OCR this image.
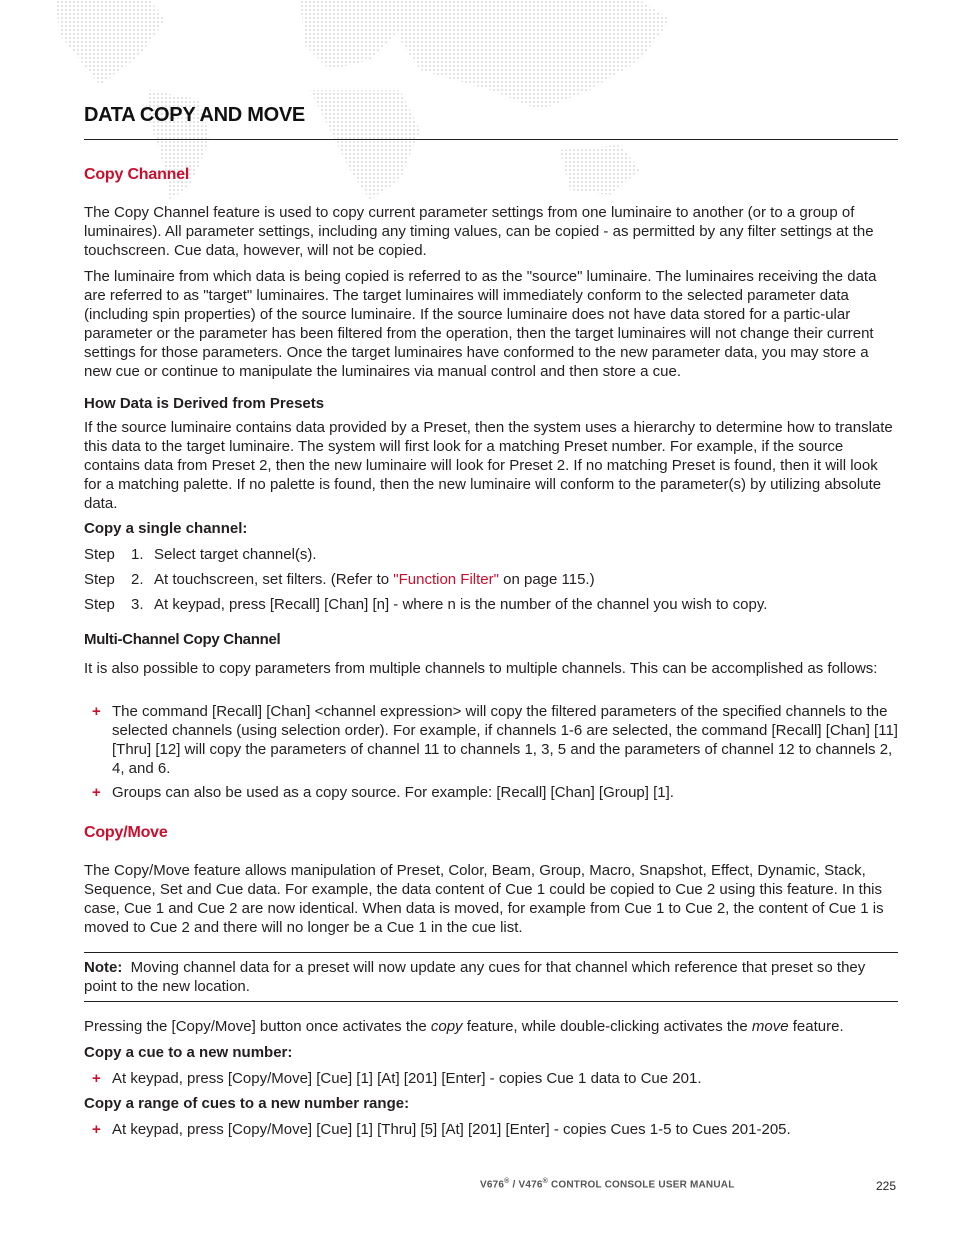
DATA COPY AND MOVE
Copy Channel

The Copy Channel feature is used to copy current parameter settings from one luminaire to another (or to a group of luminaires). All parameter settings, including any timing values, can be copied - as permitted by any filter settings at the touchscreen. Cue data, however, will not be copied.

The luminaire from which data is being copied is referred to as the "source" luminaire. The luminaires receiving the data are referred to as "target" luminaires. The target luminaires will immediately conform to the selected parameter data (including spin properties) of the source luminaire. If the source luminaire does not have data stored for a partic-ular parameter or the parameter has been filtered from the operation, then the target luminaires will not change their current settings for those parameters. Once the target luminaires have conformed to the new parameter data, you may store a new cue or continue to manipulate the luminaires via manual control and then store a cue.

How Data is Derived from Presets

If the source luminaire contains data provided by a Preset, then the system uses a hierarchy to determine how to translate this data to the target luminaire. The system will first look for a matching Preset number. For example, if the source contains data from Preset 2, then the new luminaire will look for Preset 2. If no matching Preset is found, then it will look for a matching palette. If no palette is found, then the new luminaire will conform to the parameter(s) by utilizing absolute data.

Copy a single channel:
Step 1. Select target channel(s).
Step 2. At touchscreen, set filters. (Refer to "Function Filter" on page 115.)
Step 3. At keypad, press [Recall] [Chan] [n] - where n is the number of the channel you wish to copy.
Multi-Channel Copy Channel

It is also possible to copy parameters from multiple channels to multiple channels. This can be accomplished as follows:

+ The command [Recall] [Chan] <channel expression> will copy the filtered parameters of the specified channels to the selected channels (using selection order). For example, if channels 1-6 are selected, the command [Recall] [Chan] [11] [Thru] [12] will copy the parameters of channel 11 to channels 1, 3, 5 and the parameters of channel 12 to channels 2, 4, and 6.
+ Groups can also be used as a copy source. For example: [Recall] [Chan] [Group] [1].
Copy/Move

The Copy/Move feature allows manipulation of Preset, Color, Beam, Group, Macro, Snapshot, Effect, Dynamic, Stack, Sequence, Set and Cue data. For example, the data content of Cue 1 could be copied to Cue 2 using this feature. In this case, Cue 1 and Cue 2 are now identical. When data is moved, for example from Cue 1 to Cue 2, the content of Cue 1 is moved to Cue 2 and there will no longer be a Cue 1 in the cue list.

Note: Moving channel data for a preset will now update any cues for that channel which reference that preset so they point to the new location.

Pressing the [Copy/Move] button once activates the copy feature, while double-clicking activates the move feature.

Copy a cue to a new number:
+ At keypad, press [Copy/Move] [Cue] [1] [At] [201] [Enter] - copies Cue 1 data to Cue 201.
Copy a range of cues to a new number range:
+ At keypad, press [Copy/Move] [Cue] [1] [Thru] [5] [At] [201] [Enter] - copies Cues 1-5 to Cues 201-205.
V676® / V476® CONTROL CONSOLE USER MANUAL	225
